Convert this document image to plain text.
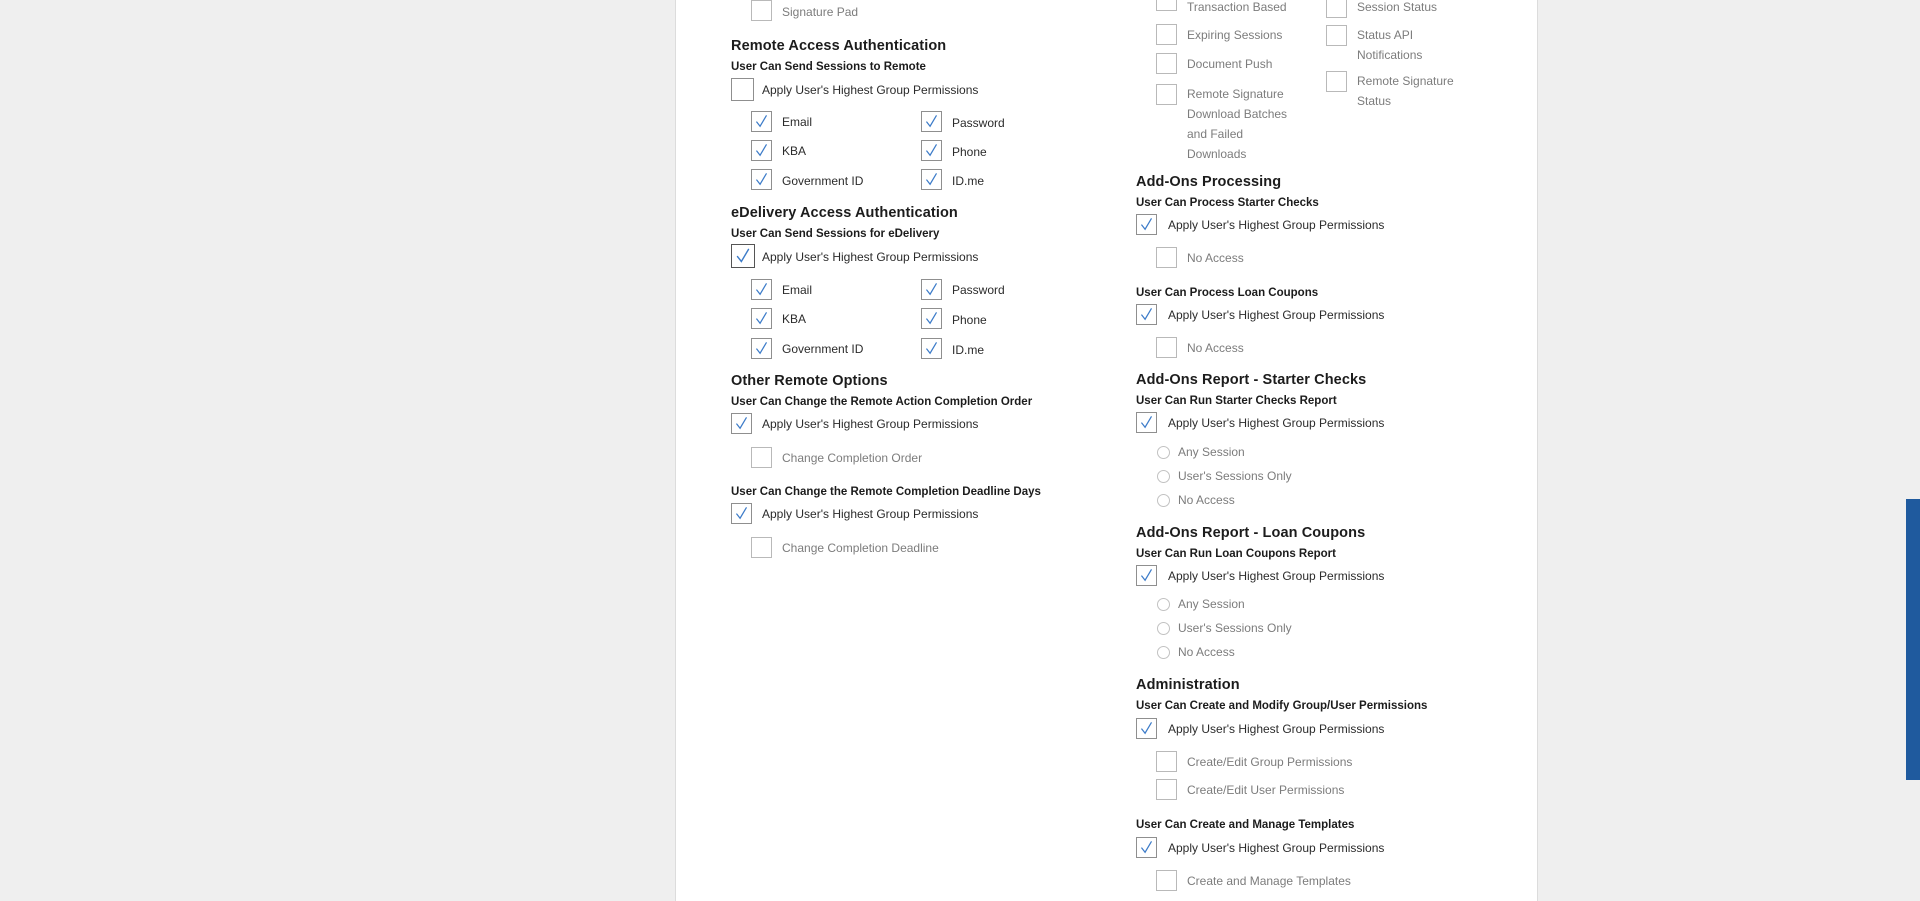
Signature Pad
Remote Access Authentication
User Can Send Sessions to Remote
Apply User's Highest Group Permissions
Email	Password
KBA	Phone
Government ID	ID.me
eDelivery Access Authentication
User Can Send Sessions for eDelivery
Apply User's Highest Group Permissions
Email	Password
KBA	Phone
Government ID	ID.me
Other Remote Options
User Can Change the Remote Action Completion Order
Apply User's Highest Group Permissions
Change Completion Order
User Can Change the Remote Completion Deadline Days
Apply User's Highest Group Permissions
Change Completion Deadline
Transaction Based
Expiring Sessions
Document Push
Remote Signature Download Batches and Failed Downloads
Session Status
Status API Notifications
Remote Signature Status
Add-Ons Processing
User Can Process Starter Checks
Apply User's Highest Group Permissions
No Access
User Can Process Loan Coupons
Apply User's Highest Group Permissions
No Access
Add-Ons Report - Starter Checks
User Can Run Starter Checks Report
Apply User's Highest Group Permissions
Any Session
User's Sessions Only
No Access
Add-Ons Report - Loan Coupons
User Can Run Loan Coupons Report
Apply User's Highest Group Permissions
Any Session
User's Sessions Only
No Access
Administration
User Can Create and Modify Group/User Permissions
Apply User's Highest Group Permissions
Create/Edit Group Permissions
Create/Edit User Permissions
User Can Create and Manage Templates
Apply User's Highest Group Permissions
Create and Manage Templates
